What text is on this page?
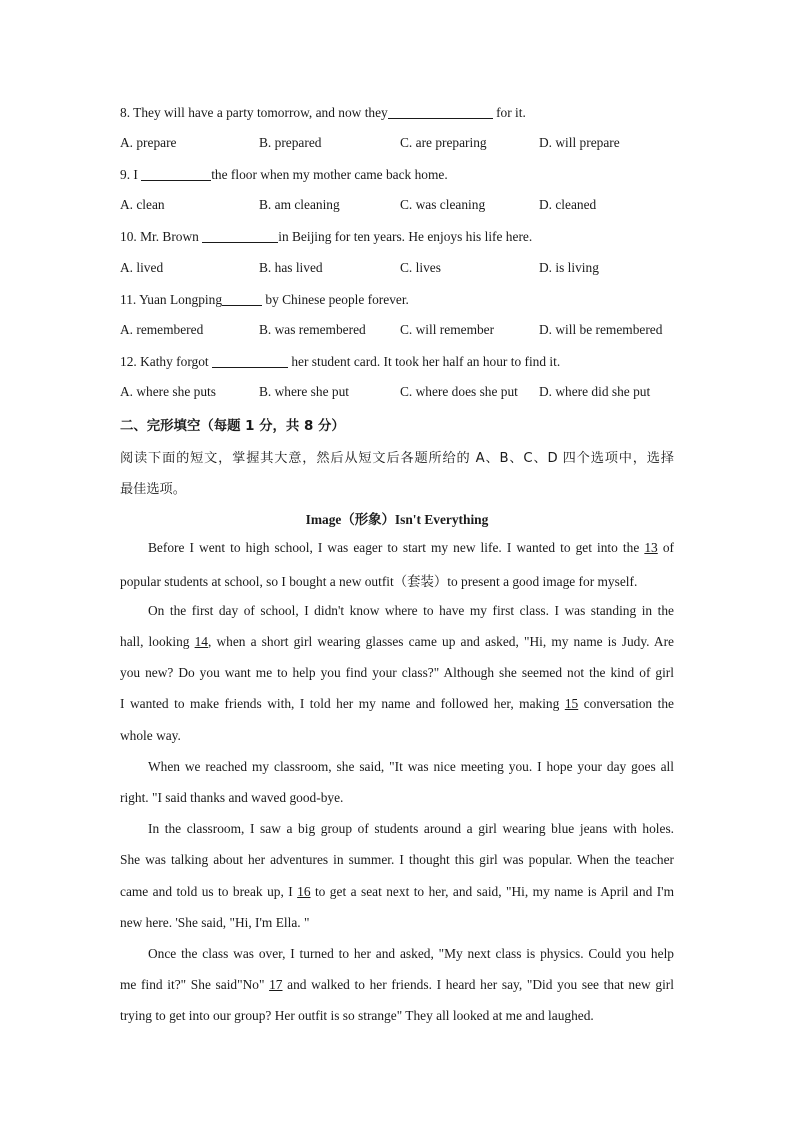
8. They will have a party tomorrow, and now they	for it.
A. prepare	B. prepared	C. are preparing	D. will prepare
9. I	the floor when my mother came back home.
A. clean	B. am cleaning	C. was cleaning	D. cleaned
10. Mr. Brown	in Beijing for ten years. He enjoys his life here.
A. lived	B. has lived	C. lives	D. is living
11. Yuan Longping	by Chinese people forever.
A. remembered	B. was remembered	C. will remember	D. will be remembered
12. Kathy forgot	her student card. It took her half an hour to find it.
A. where she puts	B. where she put	C. where does she put D. where did she put
二、完形填空（每题 1 分，共 8 分）
阅读下面的短文，掌握其大意，然后从短文后各题所给的 A、B、C、D 四个选项中，选择
最佳选项。
Image（形象）Isn't Everything
Before I went to high school, I was eager to start my new life. I wanted to get into the 13 of
popular students at school, so I bought a new outfit（套装）to present a good image for myself.
On the first day of school, I didn't know where to have my first class. I was standing in the
hall, looking 14, when a short girl wearing glasses came up and asked, "Hi, my name is Judy. Are
you new? Do you want me to help you find your class?" Although she seemed not the kind of girl
I wanted to make friends with, I told her my name and followed her, making 15 conversation the
whole way.
When we reached my classroom, she said, "It was nice meeting you. I hope your day goes all
right. "I said thanks and waved good-bye.
In the classroom, I saw a big group of students around a girl wearing blue jeans with holes.
She was talking about her adventures in summer. I thought this girl was popular. When the teacher
came and told us to break up, I 16 to get a seat next to her, and said, "Hi, my name is April and I'm
new here. 'She said, "Hi, I'm Ella. "
Once the class was over, I turned to her and asked, "My next class is physics. Could you help
me find it?" She said"No" 17 and walked to her friends. I heard her say, "Did you see that new girl
trying to get into our group? Her outfit is so strange" They all looked at me and laughed.
